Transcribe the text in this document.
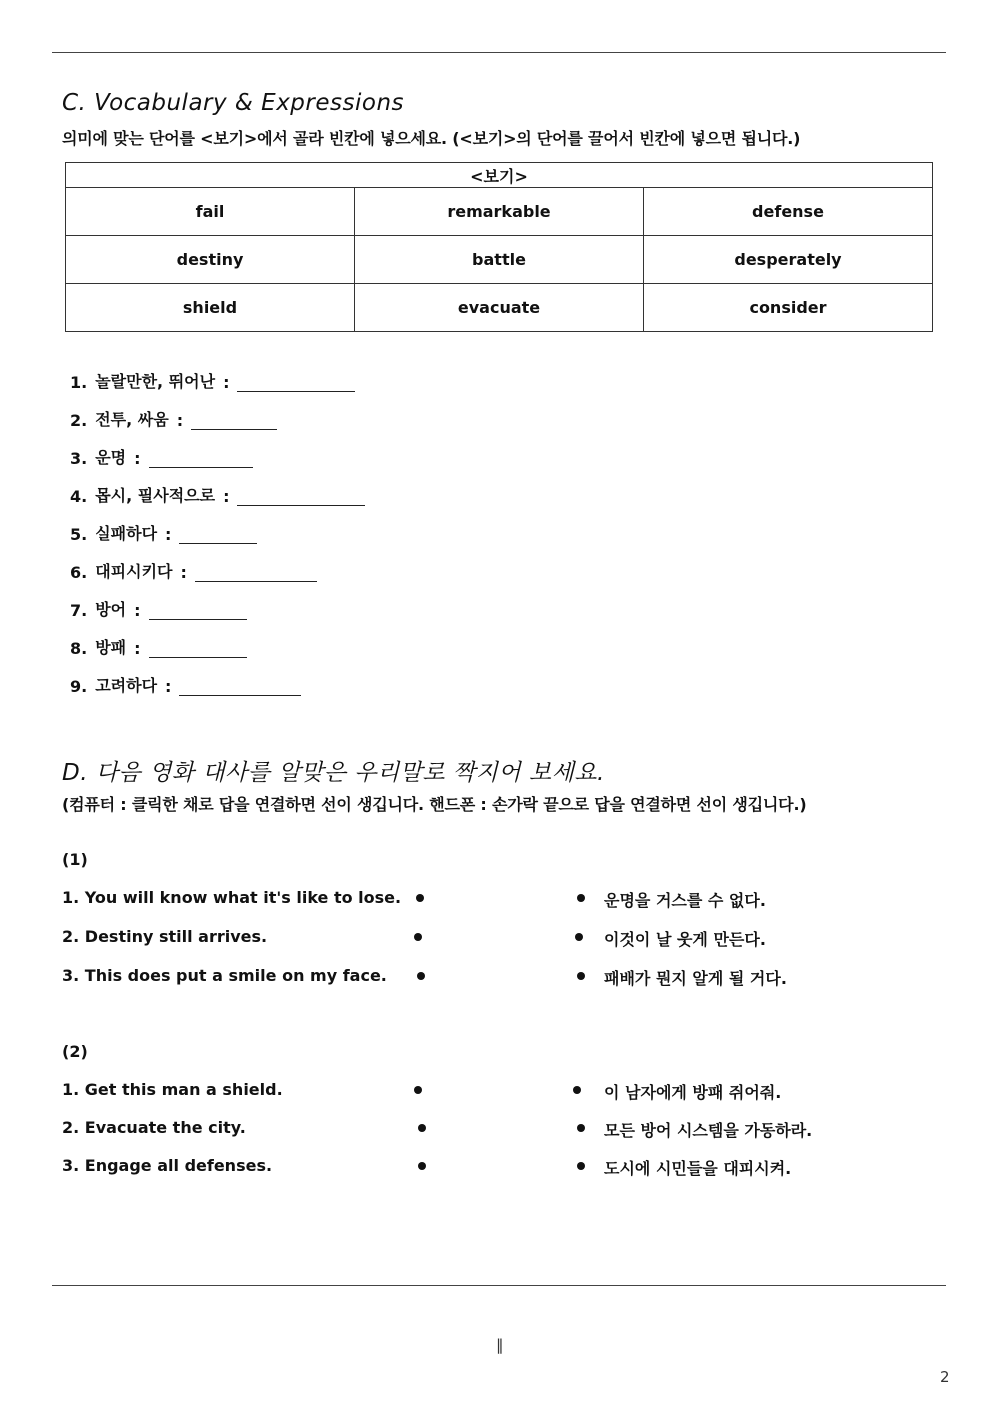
C. Vocabulary & Expressions

의미에 맞는 단어를 <보기>에서 골라 빈칸에 넣으세요. (<보기>의 단어를 끌어서 빈칸에 넣으면 됩니다.)

<보기>		
fail	remarkable	defense
destiny	battle	desperately
shield	evacuate	consider
1. 놀랄만한, 뛰어난 :
2. 전투, 싸움 :
3. 운명 :
4. 몹시, 필사적으로 :
5. 실패하다 :
6. 대피시키다 :
7. 방어 :
8. 방패 :
9. 고려하다 :
D. 다음 영화 대사를 알맞은 우리말로 짝지어 보세요.

(컴퓨터 : 클릭한 채로 답을 연결하면 선이 생깁니다. 핸드폰 : 손가락 끝으로 답을 연결하면 선이 생깁니다.)

(1)
1. You will know what it's like to lose.	운명을 거스를 수 없다.
2. Destiny still arrives.	이것이 날 웃게 만든다.
3. This does put a smile on my face.	패배가 뭔지 알게 될 거다.
(2)
1. Get this man a shield.	이 남자에게 방패 쥐어줘.
2. Evacuate the city.	모든 방어 시스템을 가동하라.
3. Engage all defenses.	도시에 시민들을 대피시켜.
‖
2
